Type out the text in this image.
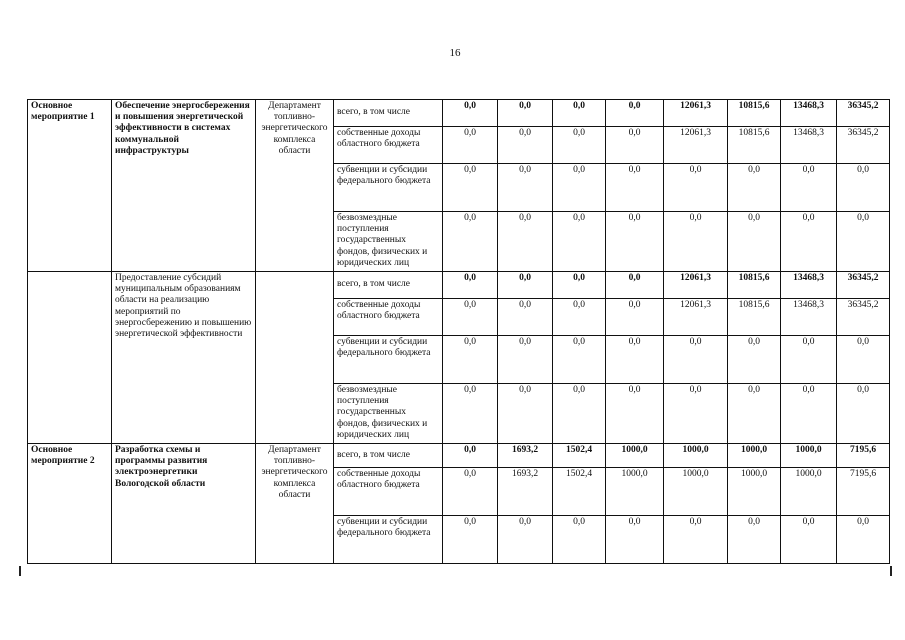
16
Основное мероприятие 1	Обеспечение энергосбережения и повышения энергетической эффективности в системах коммунальной инфраструктуры	Департамент топливно-энергетического комплекса области	всего, в том числе	0,0	0,0	0,0	0,0	12061,3	10815,6	13468,3	36345,2
			собственные доходы областного бюджета	0,0	0,0	0,0	0,0	12061,3	10815,6	13468,3	36345,2
			субвенции и субсидии федерального бюджета	0,0	0,0	0,0	0,0	0,0	0,0	0,0	0,0
			безвозмездные поступления государственных фондов, физических и юридических лиц	0,0	0,0	0,0	0,0	0,0	0,0	0,0	0,0
	Предоставление субсидий муниципальным образованиям области на реализацию мероприятий по энергосбережению и повышению энергетической эффективности		всего, в том числе	0,0	0,0	0,0	0,0	12061,3	10815,6	13468,3	36345,2
			собственные доходы областного бюджета	0,0	0,0	0,0	0,0	12061,3	10815,6	13468,3	36345,2
			субвенции и субсидии федерального бюджета	0,0	0,0	0,0	0,0	0,0	0,0	0,0	0,0
			безвозмездные поступления государственных фондов, физических и юридических лиц	0,0	0,0	0,0	0,0	0,0	0,0	0,0	0,0
Основное мероприятие 2	Разработка схемы и программы развития электроэнергетики Вологодской области	Департамент топливно-энергетического комплекса области	всего, в том числе	0,0	1693,2	1502,4	1000,0	1000,0	1000,0	1000,0	7195,6
			собственные доходы областного бюджета	0,0	1693,2	1502,4	1000,0	1000,0	1000,0	1000,0	7195,6
			субвенции и субсидии федерального бюджета	0,0	0,0	0,0	0,0	0,0	0,0	0,0	0,0
